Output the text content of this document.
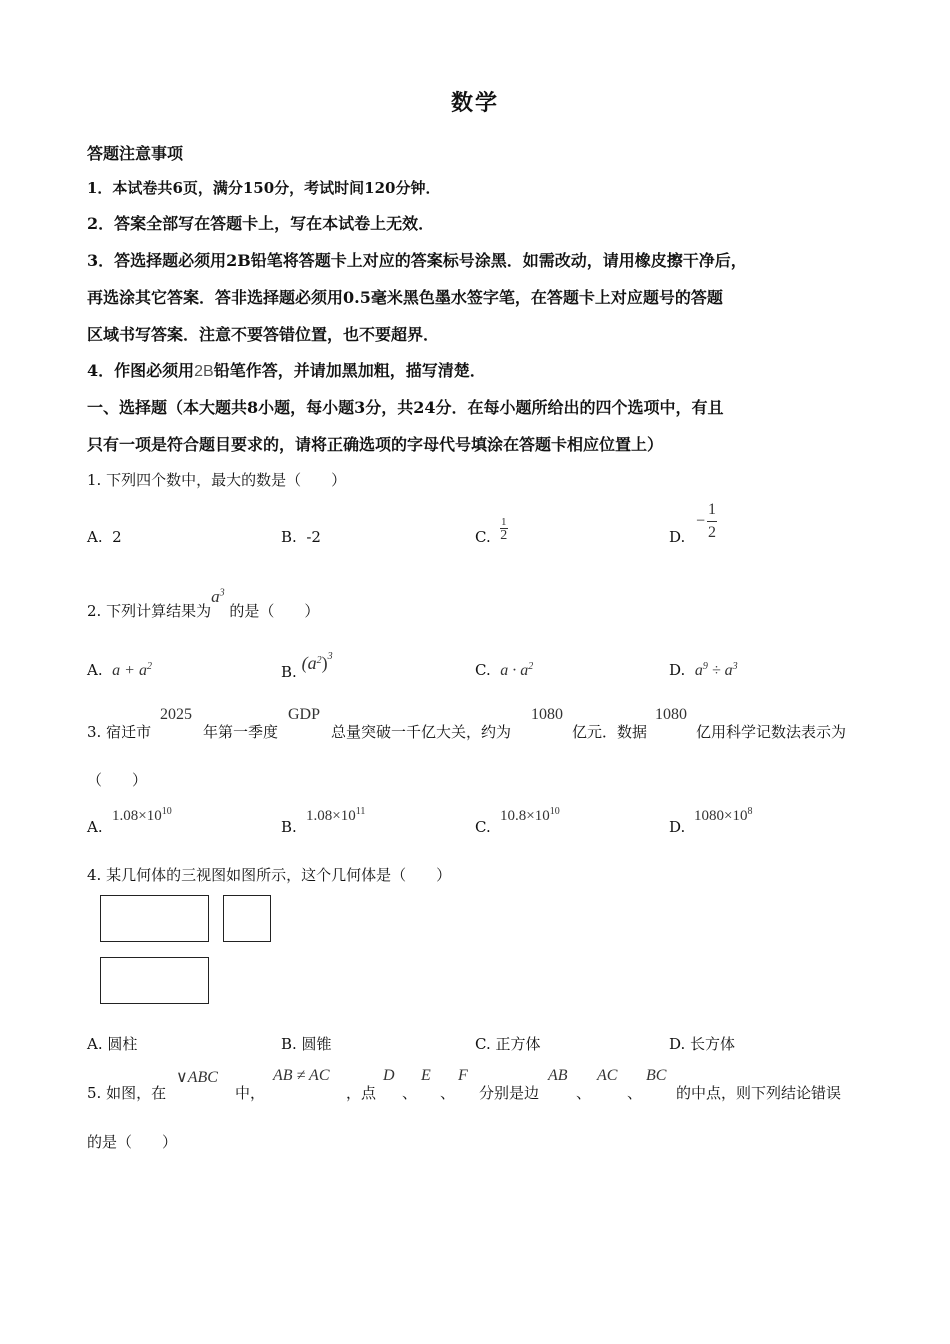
数学
答题注意事项
1．本试卷共6页，满分150分，考试时间120分钟．
2．答案全部写在答题卡上，写在本试卷上无效．
3．答选择题必须用2B铅笔将答题卡上对应的答案标号涂黑．如需改动，请用橡皮擦干净后，
再选涂其它答案．答非选择题必须用0.5毫米黑色墨水签字笔，在答题卡上对应题号的答题
区域书写答案．注意不要答错位置，也不要超界．
4．作图必须用2B铅笔作答，并请加黑加粗，描写清楚．
一、选择题（本大题共8小题，每小题3分，共24分．在每小题所给出的四个选项中，有且
只有一项是符合题目要求的，请将正确选项的字母代号填涂在答题卡相应位置上）
1. 下列四个数中，最大的数是（　　）
A. 2	B. -2	C. $\frac{1}{2}$	D.
− $\frac{1}{2}$
2. 下列计算结果为$a^3$ 的是（　　）
A. $a + a^2$	B. $(a^2)^3$
C. $a \cdot a^2$	D. $a^9 \div a^3$
3. 宿迁市
2025
年第一季度
GDP
总量突破一千亿大关，约为
1080
亿元．数据
1080
亿用科学记数法表示为
（　　）
A.
$1.08\times 10^{10}$
B.
$1.08\times 10^{11}$
C.
$10.8\times 10^{10}$
D.
$1080\times 10^8$
4. 某几何体的三视图如图所示，这个几何体是（　　）
A. 圆柱	B. 圆锥	C. 正方体	D. 长方体
5. 如图，在
∨ABC
中，
AB ≠ AC
，点
D
、
E
、
F
分别是边
AB
、
AC
、
BC
的中点，则下列结论错误
的是（　　）
